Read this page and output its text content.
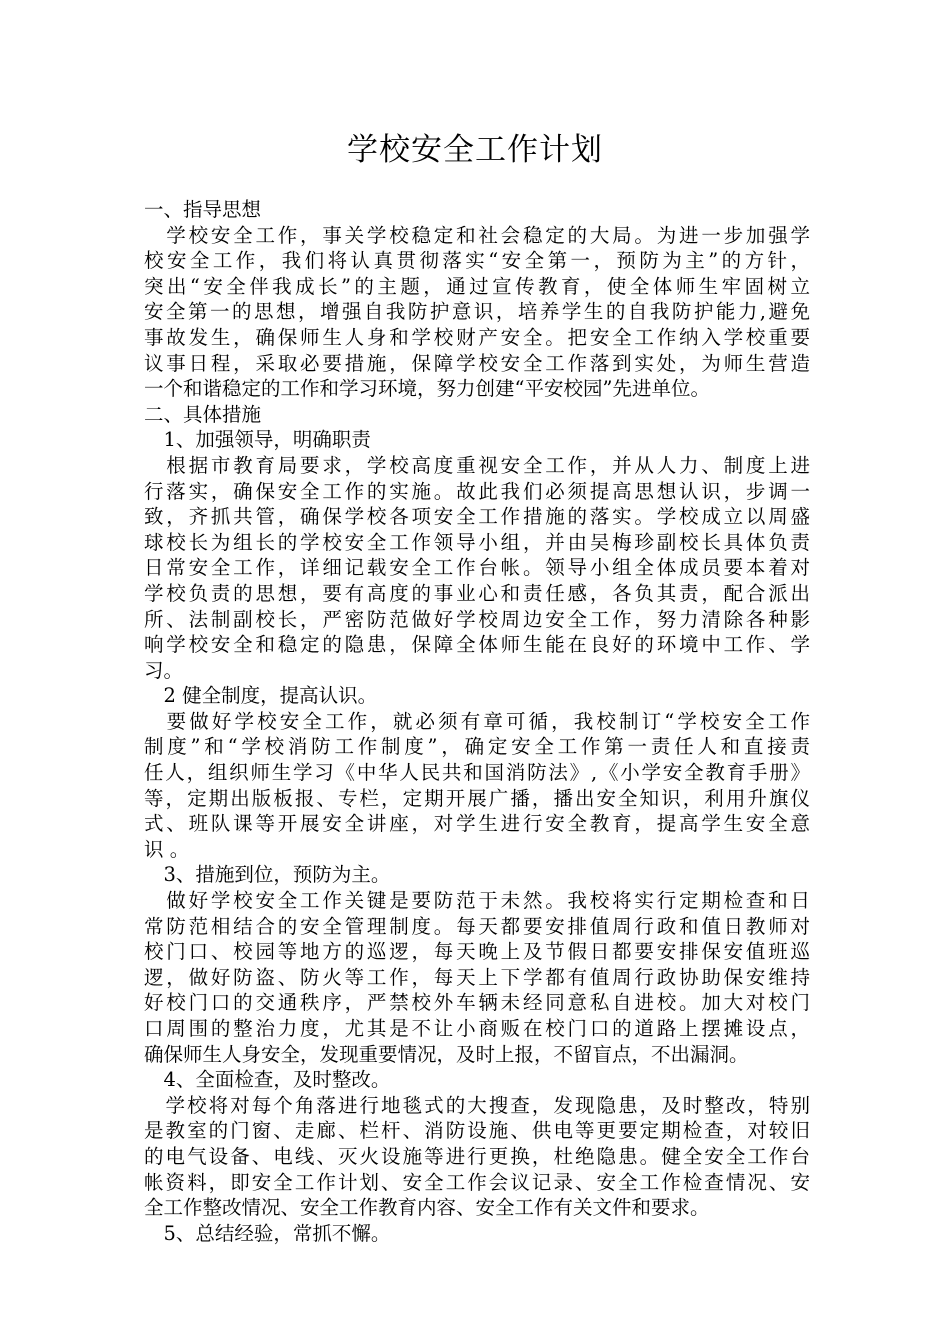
学校安全工作计划
一、指导思想
　学校安全工作，事关学校稳定和社会稳定的大局。为进一步加强学
校安全工作，我们将认真贯彻落实“安全第一，预防为主”的方针，
突出“安全伴我成长”的主题，通过宣传教育，使全体师生牢固树立
安全第一的思想，增强自我防护意识，培养学生的自我防护能力,避免
事故发生，确保师生人身和学校财产安全。把安全工作纳入学校重要
议事日程，采取必要措施，保障学校安全工作落到实处，为师生营造
一个和谐稳定的工作和学习环境，努力创建“平安校园”先进单位。
二、具体措施
　1、加强领导，明确职责
　根据市教育局要求，学校高度重视安全工作，并从人力、制度上进
行落实，确保安全工作的实施。故此我们必须提高思想认识，步调一
致，齐抓共管，确保学校各项安全工作措施的落实。学校成立以周盛
球校长为组长的学校安全工作领导小组，并由吴梅珍副校长具体负责
日常安全工作，详细记载安全工作台帐。领导小组全体成员要本着对
学校负责的思想，要有高度的事业心和责任感，各负其责，配合派出
所、法制副校长，严密防范做好学校周边安全工作，努力清除各种影
响学校安全和稳定的隐患，保障全体师生能在良好的环境中工作、学
习。
　2 健全制度，提高认识。
　要做好学校安全工作，就必须有章可循，我校制订“学校安全工作
制度”和“学校消防工作制度”，确定安全工作第一责任人和直接责
任人，组织师生学习《中华人民共和国消防法》,《小学安全教育手册》
等，定期出版板报、专栏，定期开展广播，播出安全知识，利用升旗仪
式、班队课等开展安全讲座，对学生进行安全教育，提高学生安全意
识 。
　3、措施到位，预防为主。
　做好学校安全工作关键是要防范于未然。我校将实行定期检查和日
常防范相结合的安全管理制度。每天都要安排值周行政和值日教师对
校门口、校园等地方的巡逻，每天晚上及节假日都要安排保安值班巡
逻，做好防盗、防火等工作，每天上下学都有值周行政协助保安维持
好校门口的交通秩序，严禁校外车辆未经同意私自进校。加大对校门
口周围的整治力度，尤其是不让小商贩在校门口的道路上摆摊设点，
确保师生人身安全，发现重要情况，及时上报，不留盲点，不出漏洞。
　4、全面检查，及时整改。
　学校将对每个角落进行地毯式的大搜查，发现隐患，及时整改，特别
是教室的门窗、走廊、栏杆、消防设施、供电等更要定期检查，对较旧
的电气设备、电线、灭火设施等进行更换，杜绝隐患。健全安全工作台
帐资料，即安全工作计划、安全工作会议记录、安全工作检查情况、安
全工作整改情况、安全工作教育内容、安全工作有关文件和要求。
　5、总结经验，常抓不懈。
